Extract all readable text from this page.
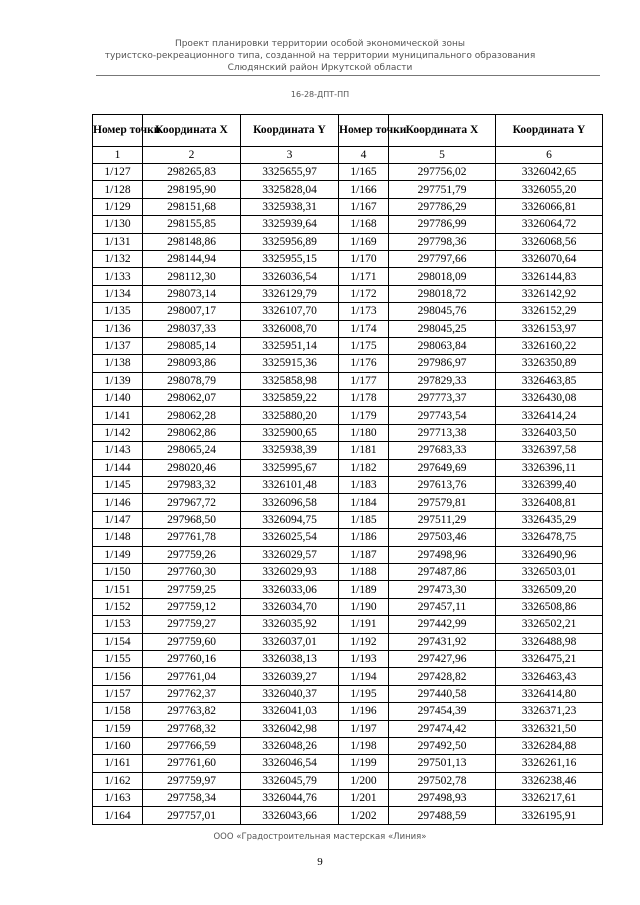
Проект планировки территории особой экономической зоны
туристско-рекреационного типа, созданной на территории муниципального образования
Слюдянский район Иркутской области
16-28-ДПТ-ПП
Номер точки	Координата X	Координата Y	Номер точки	Координата X	Координата Y
1	2	3	4	5	6
1/127	298265,83	3325655,97	1/165	297756,02	3326042,65
1/128	298195,90	3325828,04	1/166	297751,79	3326055,20
1/129	298151,68	3325938,31	1/167	297786,29	3326066,81
1/130	298155,85	3325939,64	1/168	297786,99	3326064,72
1/131	298148,86	3325956,89	1/169	297798,36	3326068,56
1/132	298144,94	3325955,15	1/170	297797,66	3326070,64
1/133	298112,30	3326036,54	1/171	298018,09	3326144,83
1/134	298073,14	3326129,79	1/172	298018,72	3326142,92
1/135	298007,17	3326107,70	1/173	298045,76	3326152,29
1/136	298037,33	3326008,70	1/174	298045,25	3326153,97
1/137	298085,14	3325951,14	1/175	298063,84	3326160,22
1/138	298093,86	3325915,36	1/176	297986,97	3326350,89
1/139	298078,79	3325858,98	1/177	297829,33	3326463,85
1/140	298062,07	3325859,22	1/178	297773,37	3326430,08
1/141	298062,28	3325880,20	1/179	297743,54	3326414,24
1/142	298062,86	3325900,65	1/180	297713,38	3326403,50
1/143	298065,24	3325938,39	1/181	297683,33	3326397,58
1/144	298020,46	3325995,67	1/182	297649,69	3326396,11
1/145	297983,32	3326101,48	1/183	297613,76	3326399,40
1/146	297967,72	3326096,58	1/184	297579,81	3326408,81
1/147	297968,50	3326094,75	1/185	297511,29	3326435,29
1/148	297761,78	3326025,54	1/186	297503,46	3326478,75
1/149	297759,26	3326029,57	1/187	297498,96	3326490,96
1/150	297760,30	3326029,93	1/188	297487,86	3326503,01
1/151	297759,25	3326033,06	1/189	297473,30	3326509,20
1/152	297759,12	3326034,70	1/190	297457,11	3326508,86
1/153	297759,27	3326035,92	1/191	297442,99	3326502,21
1/154	297759,60	3326037,01	1/192	297431,92	3326488,98
1/155	297760,16	3326038,13	1/193	297427,96	3326475,21
1/156	297761,04	3326039,27	1/194	297428,82	3326463,43
1/157	297762,37	3326040,37	1/195	297440,58	3326414,80
1/158	297763,82	3326041,03	1/196	297454,39	3326371,23
1/159	297768,32	3326042,98	1/197	297474,42	3326321,50
1/160	297766,59	3326048,26	1/198	297492,50	3326284,88
1/161	297761,60	3326046,54	1/199	297501,13	3326261,16
1/162	297759,97	3326045,79	1/200	297502,78	3326238,46
1/163	297758,34	3326044,76	1/201	297498,93	3326217,61
1/164	297757,01	3326043,66	1/202	297488,59	3326195,91
ООО «Градостроительная мастерская «Линия»
9
